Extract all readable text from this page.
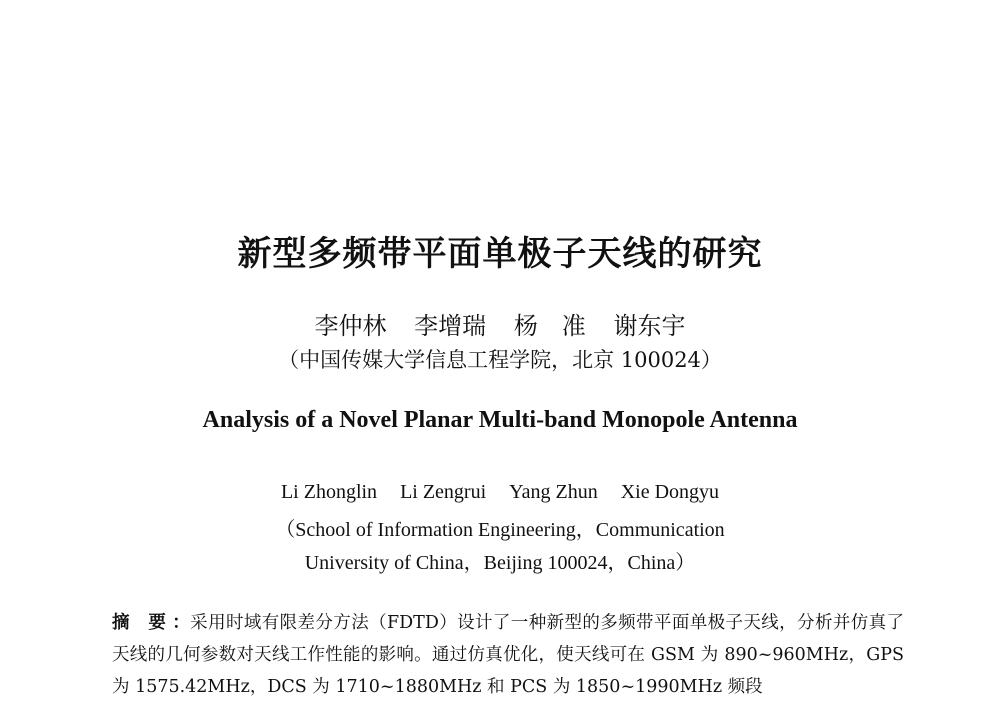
新型多频带平面单极子天线的研究
李仲林 李增瑞 杨　准 谢东宇
（中国传媒大学信息工程学院，北京 100024）
Analysis of a Novel Planar Multi-band Monopole Antenna
Li Zhonglin Li Zengrui Yang Zhun Xie Dongyu
（School of Information Engineering，Communication
University of China，Beijing 100024，China）
摘 要：采用时域有限差分方法（FDTD）设计了一种新型的多频带平面单极子天线，分析并仿真了天线的几何参数对天线工作性能的影响。通过仿真优化，使天线可在 GSM 为 890~960MHz，GPS 为 1575.42MHz，DCS 为 1710~1880MHz 和 PCS 为 1850~1990MHz 频段
